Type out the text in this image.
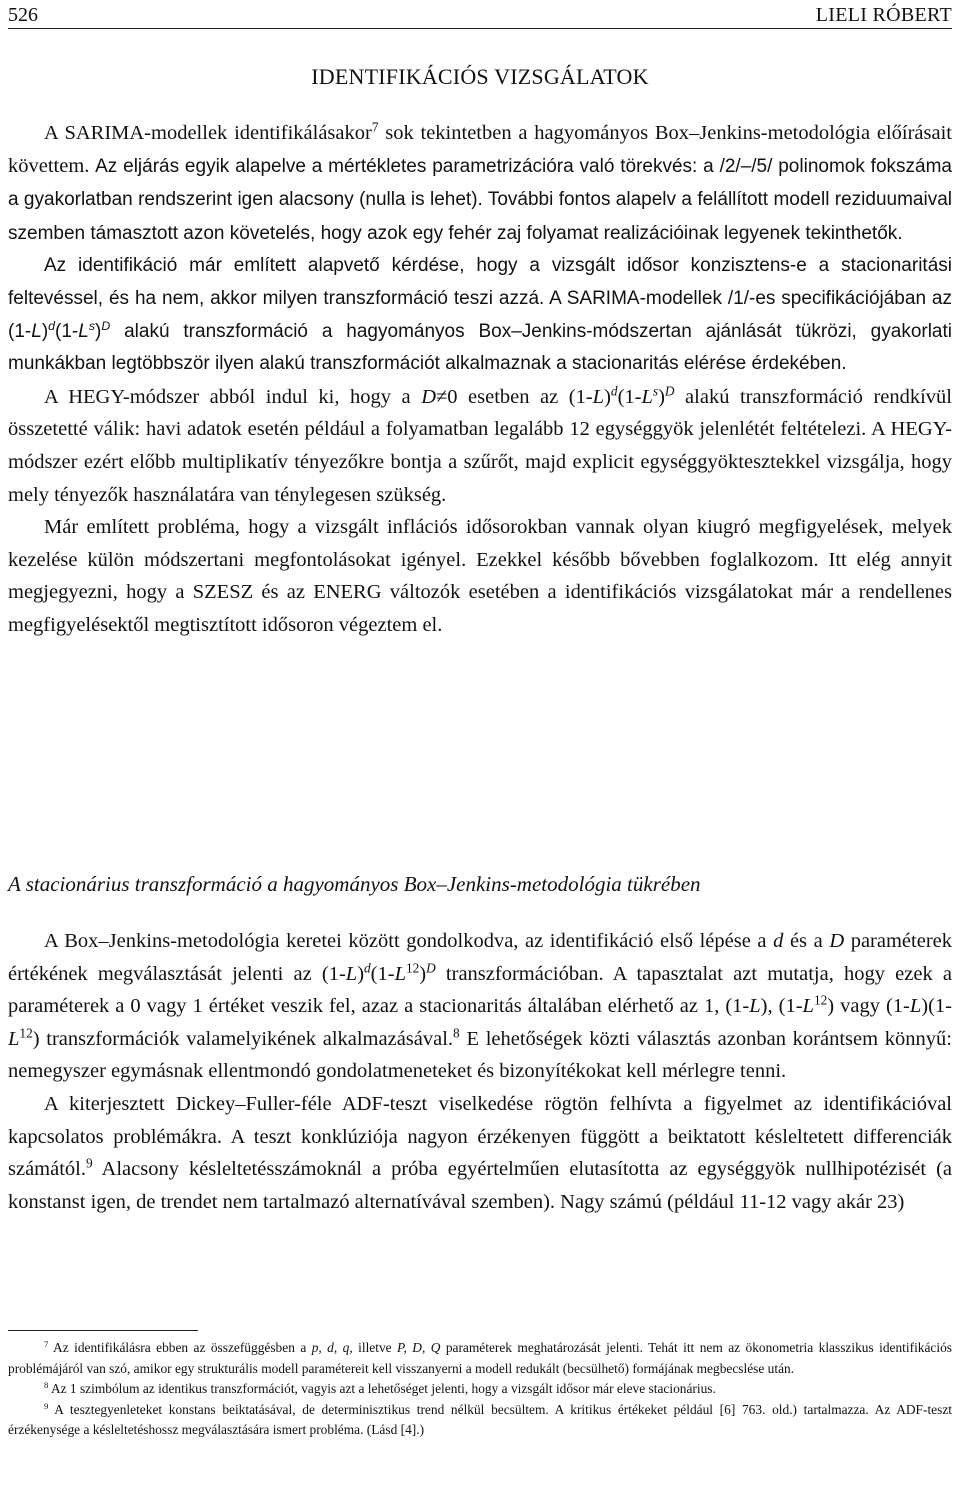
526	LIELI RÓBERT
IDENTIFIKÁCIÓS VIZSGÁLATOK

A SARIMA-modellek identifikálásakor$^7$ sok tekintetben a hagyományos Box–Jenkins-metodológia előírásait követtem. Az eljárás egyik alapelve a mértékletes parametrizációra való törekvés: a /2/–/5/ polinomok fokszáma a gyakorlatban rendszerint igen alacsony (nulla is lehet). További fontos alapelv a felállított modell reziduumaival szemben támasztott azon követelés, hogy azok egy fehér zaj folyamat realizációinak legyenek tekinthetők.

Az identifikáció már említett alapvető kérdése, hogy a vizsgált idősor konzisztens-e a stacionaritási feltevéssel, és ha nem, akkor milyen transzformáció teszi azzá. A SARIMA-modellek /1/-es specifikációjában az $(1-L)^d(1-L^s)^D$ alakú transzformáció a hagyományos Box–Jenkins-módszertan ajánlását tükrözi, gyakorlati munkákban legtöbbször ilyen alakú transzformációt alkalmaznak a stacionaritás elérése érdekében.

A HEGY-módszer abból indul ki, hogy a D≠0 esetben az $(1-L)^d(1-L^s)^D$ alakú transzformáció rendkívül összetetté válik: havi adatok esetén például a folyamatban legalább 12 egységgyök jelenlétét feltételezi. A HEGY-módszer ezért előbb multiplikatív tényezőkre bontja a szűrőt, majd explicit egységgyöktesztekkel vizsgálja, hogy mely tényezők használatára van ténylegesen szükség.

Már említett probléma, hogy a vizsgált inflációs idősorokban vannak olyan kiugró megfigyelések, melyek kezelése külön módszertani megfontolásokat igényel. Ezekkel később bővebben foglalkozom. Itt elég annyit megjegyezni, hogy a SZESZ és az ENERG változók esetében a identifikációs vizsgálatokat már a rendellenes megfigyelésektől megtisztított idősoron végeztem el.

A stacionárius transzformáció a hagyományos Box–Jenkins-metodológia tükrében

A Box–Jenkins-metodológia keretei között gondolkodva, az identifikáció első lépése a d és a D paraméterek értékének megválasztását jelenti az $(1-L)^d(1-L^{12})^D$ transzformációban. A tapasztalat azt mutatja, hogy ezek a paraméterek a 0 vagy 1 értéket veszik fel, azaz a stacionaritás általában elérhető az 1, (1-L), $(1-L^{12})$ vagy $(1-L)(1-L^{12})$ transzformációk valamelyikének alkalmazásával.$^8$ E lehetőségek közti választás azonban korántsem könnyű: nemegyszer egymásnak ellentmondó gondolatmeneteket és bizonyítékokat kell mérlegre tenni.

A kiterjesztett Dickey–Fuller-féle ADF-teszt viselkedése rögtön felhívta a figyelmet az identifikációval kapcsolatos problémákra. A teszt konklúziója nagyon érzékenyen függött a beiktatott késleltetett differenciák számától.$^9$ Alacsony késleltetésszámoknál a próba egyértelműen elutasította az egységgyök nullhipotézisét (a konstanst igen, de trendet nem tartalmazó alternatívával szemben). Nagy számú (például 11-12 vagy akár 23)

$^7$ Az identifikálásra ebben az összefüggésben a p, d, q, illetve P, D, Q paraméterek meghatározását jelenti. Tehát itt nem az ökonometria klasszikus identifikációs problémájáról van szó, amikor egy strukturális modell paramétereit kell visszanyerni a modell redukált (becsülhető) formájának megbecslése után.

$^8$ Az 1 szimbólum az identikus transzformációt, vagyis azt a lehetőséget jelenti, hogy a vizsgált idősor már eleve stacionárius.

$^9$ A tesztegyenleteket konstans beiktatásával, de determinisztikus trend nélkül becsültem. A kritikus értékeket például [6] 763. old.) tartalmazza. Az ADF-teszt érzékenysége a késleltetéshossz megválasztására ismert probléma. (Lásd [4].)
